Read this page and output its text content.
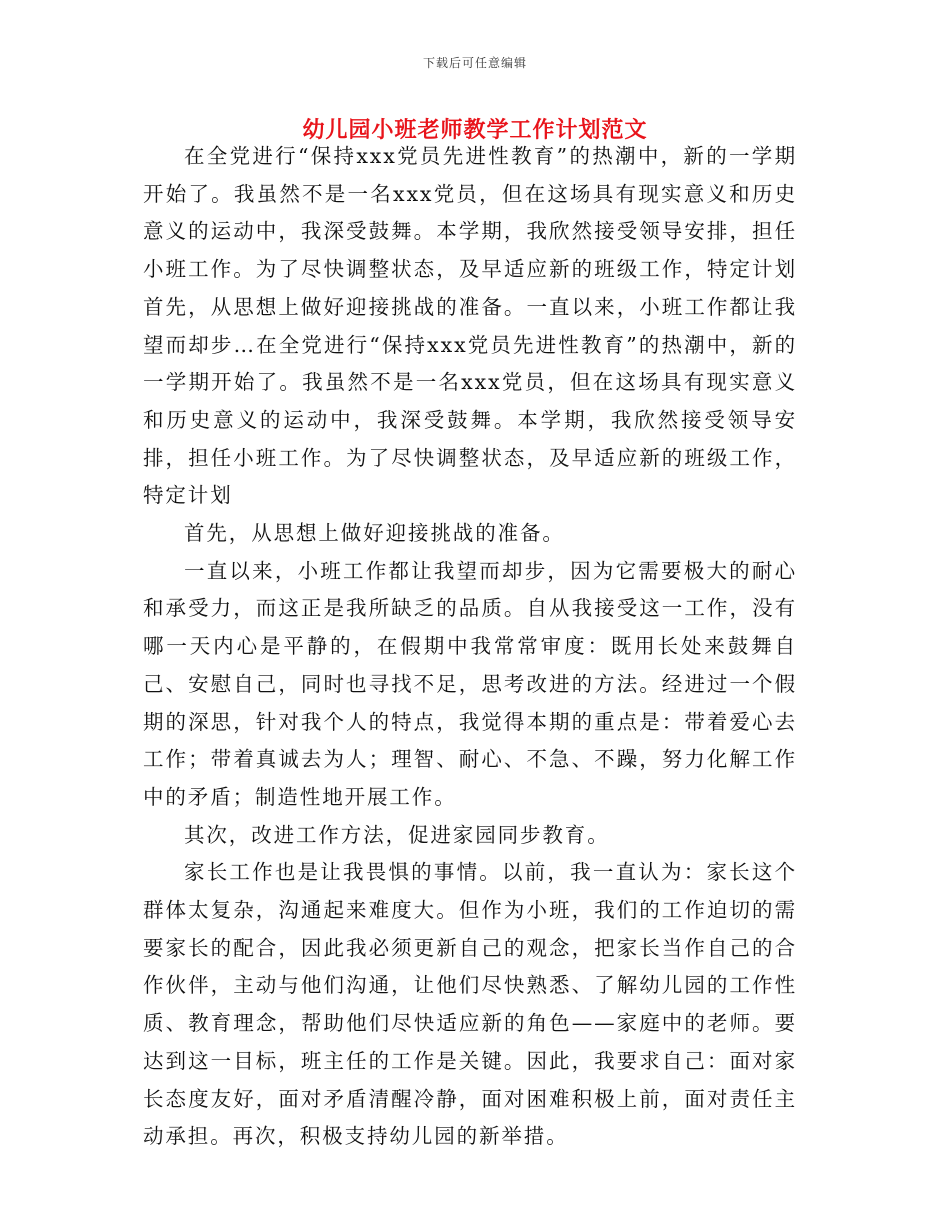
下载后可任意编辑
幼儿园小班老师教学工作计划范文

在全党进行“保持xxx党员先进性教育”的热潮中，新的一学期开始了。我虽然不是一名xxx党员，但在这场具有现实意义和历史意义的运动中，我深受鼓舞。本学期，我欣然接受领导安排，担任小班工作。为了尽快调整状态，及早适应新的班级工作，特定计划首先，从思想上做好迎接挑战的准备。一直以来，小班工作都让我望而却步…在全党进行“保持xxx党员先进性教育”的热潮中，新的一学期开始了。我虽然不是一名xxx党员，但在这场具有现实意义和历史意义的运动中，我深受鼓舞。本学期，我欣然接受领导安排，担任小班工作。为了尽快调整状态，及早适应新的班级工作，特定计划

首先，从思想上做好迎接挑战的准备。

一直以来，小班工作都让我望而却步，因为它需要极大的耐心和承受力，而这正是我所缺乏的品质。自从我接受这一工作，没有哪一天内心是平静的，在假期中我常常审度：既用长处来鼓舞自己、安慰自己，同时也寻找不足，思考改进的方法。经进过一个假期的深思，针对我个人的特点，我觉得本期的重点是：带着爱心去工作；带着真诚去为人；理智、耐心、不急、不躁，努力化解工作中的矛盾；制造性地开展工作。

其次，改进工作方法，促进家园同步教育。

家长工作也是让我畏惧的事情。以前，我一直认为：家长这个群体太复杂，沟通起来难度大。但作为小班，我们的工作迫切的需要家长的配合，因此我必须更新自己的观念，把家长当作自己的合作伙伴，主动与他们沟通，让他们尽快熟悉、了解幼儿园的工作性质、教育理念，帮助他们尽快适应新的角色——家庭中的老师。要达到这一目标，班主任的工作是关键。因此，我要求自己：面对家长态度友好，面对矛盾清醒冷静，面对困难积极上前，面对责任主动承担。再次，积极支持幼儿园的新举措。
